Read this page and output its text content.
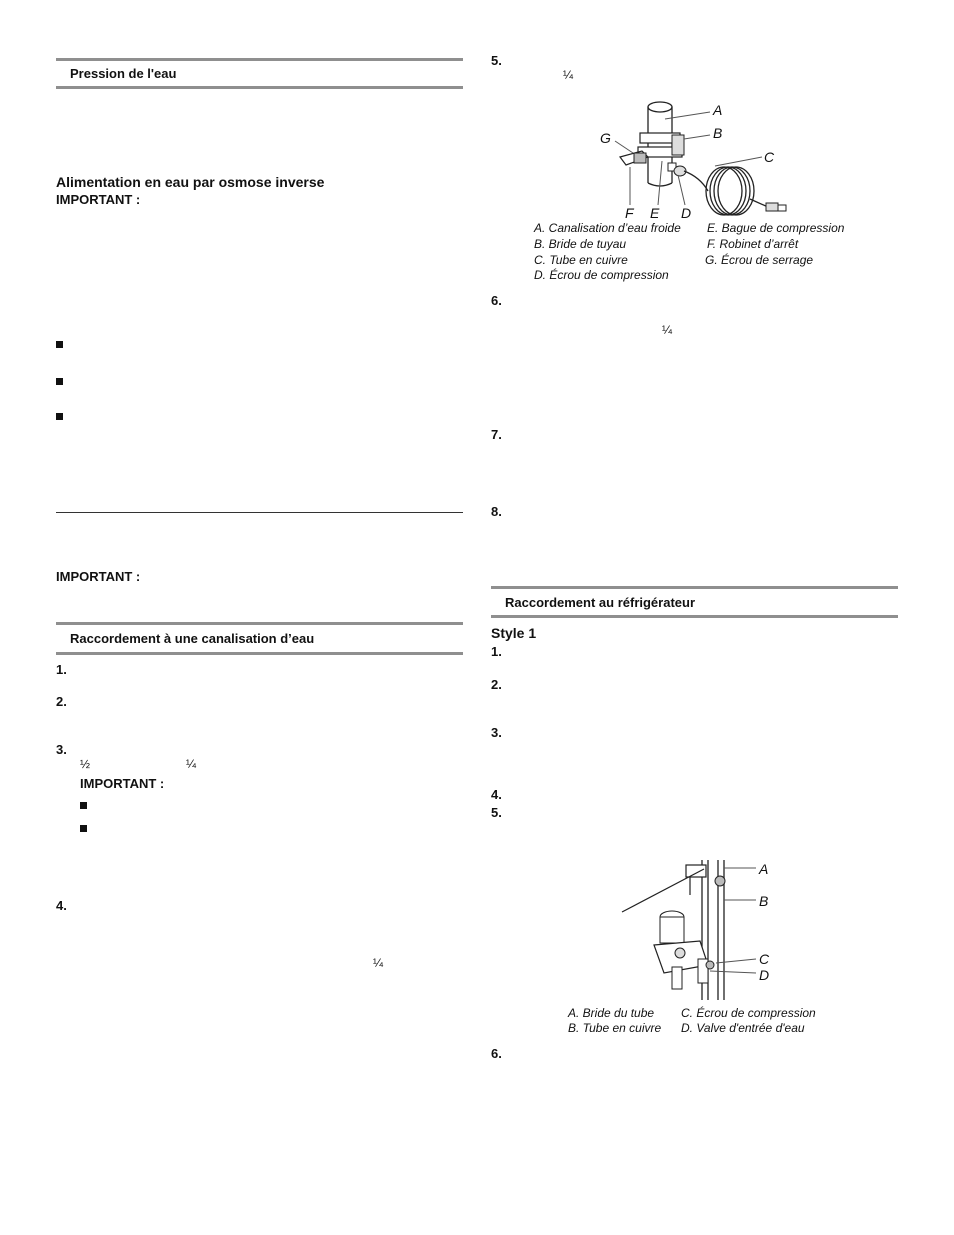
Pression de l'eau
Alimentation en eau par osmose inverse
IMPORTANT :
IMPORTANT :
Raccordement à une canalisation d’eau
1.
2.
3.
½	¼
IMPORTANT :
4.
¼
5.
¼
A
B
C
G
F E D
A. Canalisation d’eau froide
B. Bride de tuyau
C. Tube en cuivre
D. Écrou de compression
E. Bague de compression
F. Robinet d’arrêt
G. Écrou de serrage
6.
¼
7.
8.
Raccordement au réfrigérateur
Style 1
1.
2.
3.
4.
5.
A
B
C
D
A. Bride du tube
B. Tube en cuivre
C. Écrou de compression
D. Valve d'entrée d'eau
6.
